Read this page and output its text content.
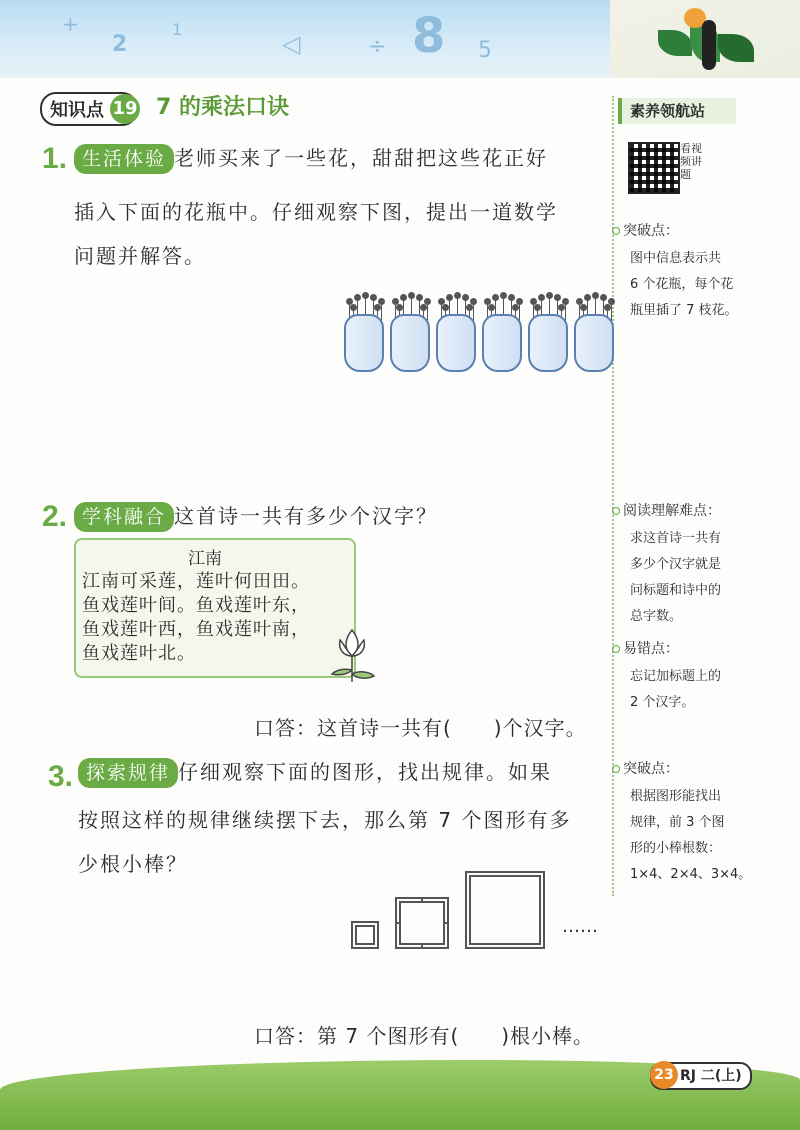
+
2
1
◁	÷ 8 5
知识点 19 7 的乘法口诀	素养领航站
看视频讲题
突破点：
图中信息表示共
6 个花瓶，每个花
瓶里插了 7 枝花。
阅读理解难点：
求这首诗一共有
多少个汉字就是
问标题和诗中的
总字数。
易错点：
忘记加标题上的
2 个汉字。
突破点：
根据图形能找出
规律，前 3 个图
形的小棒根数：
1×4、2×4、3×4。
1. 生活体验 老师买来了一些花，甜甜把这些花正好
插入下面的花瓶中。仔细观察下图，提出一道数学
问题并解答。
2. 学科融合 这首诗一共有多少个汉字？
江南
江南可采莲，莲叶何田田。
鱼戏莲叶间。鱼戏莲叶东，
鱼戏莲叶西，鱼戏莲叶南，
鱼戏莲叶北。
口答：这首诗一共有(　　)个汉字。
3. 探索规律 仔细观察下面的图形，找出规律。如果
按照这样的规律继续摆下去，那么第 7 个图形有多
少根小棒？
……
口答：第 7 个图形有(　　)根小棒。
RJ 二(上)
23
